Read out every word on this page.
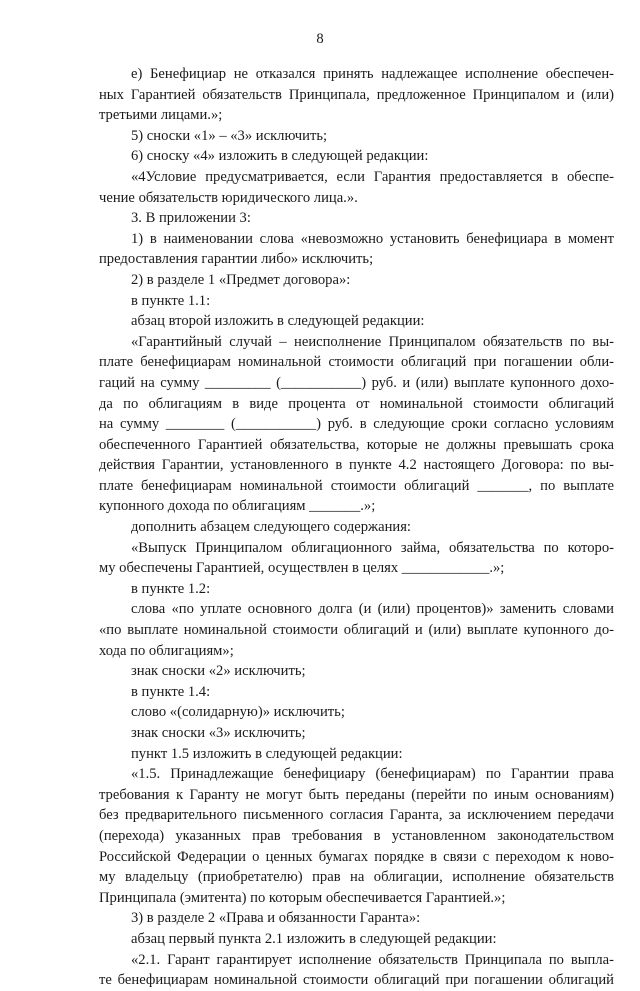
8
е) Бенефициар не отказался принять надлежащее исполнение обеспечен-
ных Гарантией обязательств Принципала, предложенное Принципалом и (или)
третьими лицами.»;
5) сноски «1» – «3» исключить;
6) сноску «4» изложить в следующей редакции:
«4Условие предусматривается, если Гарантия предоставляется в обеспе-
чение обязательств юридического лица.».
3. В приложении 3:
1) в наименовании слова «невозможно установить бенефициара в момент
предоставления гарантии либо» исключить;
2) в разделе 1 «Предмет договора»:
в пункте 1.1:
абзац второй изложить в следующей редакции:
«Гарантийный случай – неисполнение Принципалом обязательств по вы-
плате бенефициарам номинальной стоимости облигаций при погашении обли-
гаций на сумму _________ (___________) руб. и (или) выплате купонного дохо-
да по облигациям в виде процента от номинальной стоимости облигаций
на сумму ________ (___________) руб. в следующие сроки согласно условиям
обеспеченного Гарантией обязательства, которые не должны превышать срока
действия Гарантии, установленного в пункте 4.2 настоящего Договора: по вы-
плате бенефициарам номинальной стоимости облигаций _______, по выплате
купонного дохода по облигациям _______.»;
дополнить абзацем следующего содержания:
«Выпуск Принципалом облигационного займа, обязательства по которо-
му обеспечены Гарантией, осуществлен в целях ____________.»;
в пункте 1.2:
слова «по уплате основного долга (и (или) процентов)» заменить словами
«по выплате номинальной стоимости облигаций и (или) выплате купонного до-
хода по облигациям»;
знак сноски «2» исключить;
в пункте 1.4:
слово «(солидарную)» исключить;
знак сноски «3» исключить;
пункт 1.5 изложить в следующей редакции:
«1.5. Принадлежащие бенефициару (бенефициарам) по Гарантии права
требования к Гаранту не могут быть переданы (перейти по иным основаниям)
без предварительного письменного согласия Гаранта, за исключением передачи
(перехода) указанных прав требования в установленном законодательством
Российской Федерации о ценных бумагах порядке в связи с переходом к ново-
му владельцу (приобретателю) прав на облигации, исполнение обязательств
Принципала (эмитента) по которым обеспечивается Гарантией.»;
3) в разделе 2 «Права и обязанности Гаранта»:
абзац первый пункта 2.1 изложить в следующей редакции:
«2.1. Гарант гарантирует исполнение обязательств Принципала по выпла-
те бенефициарам номинальной стоимости облигаций при погашении облигаций
